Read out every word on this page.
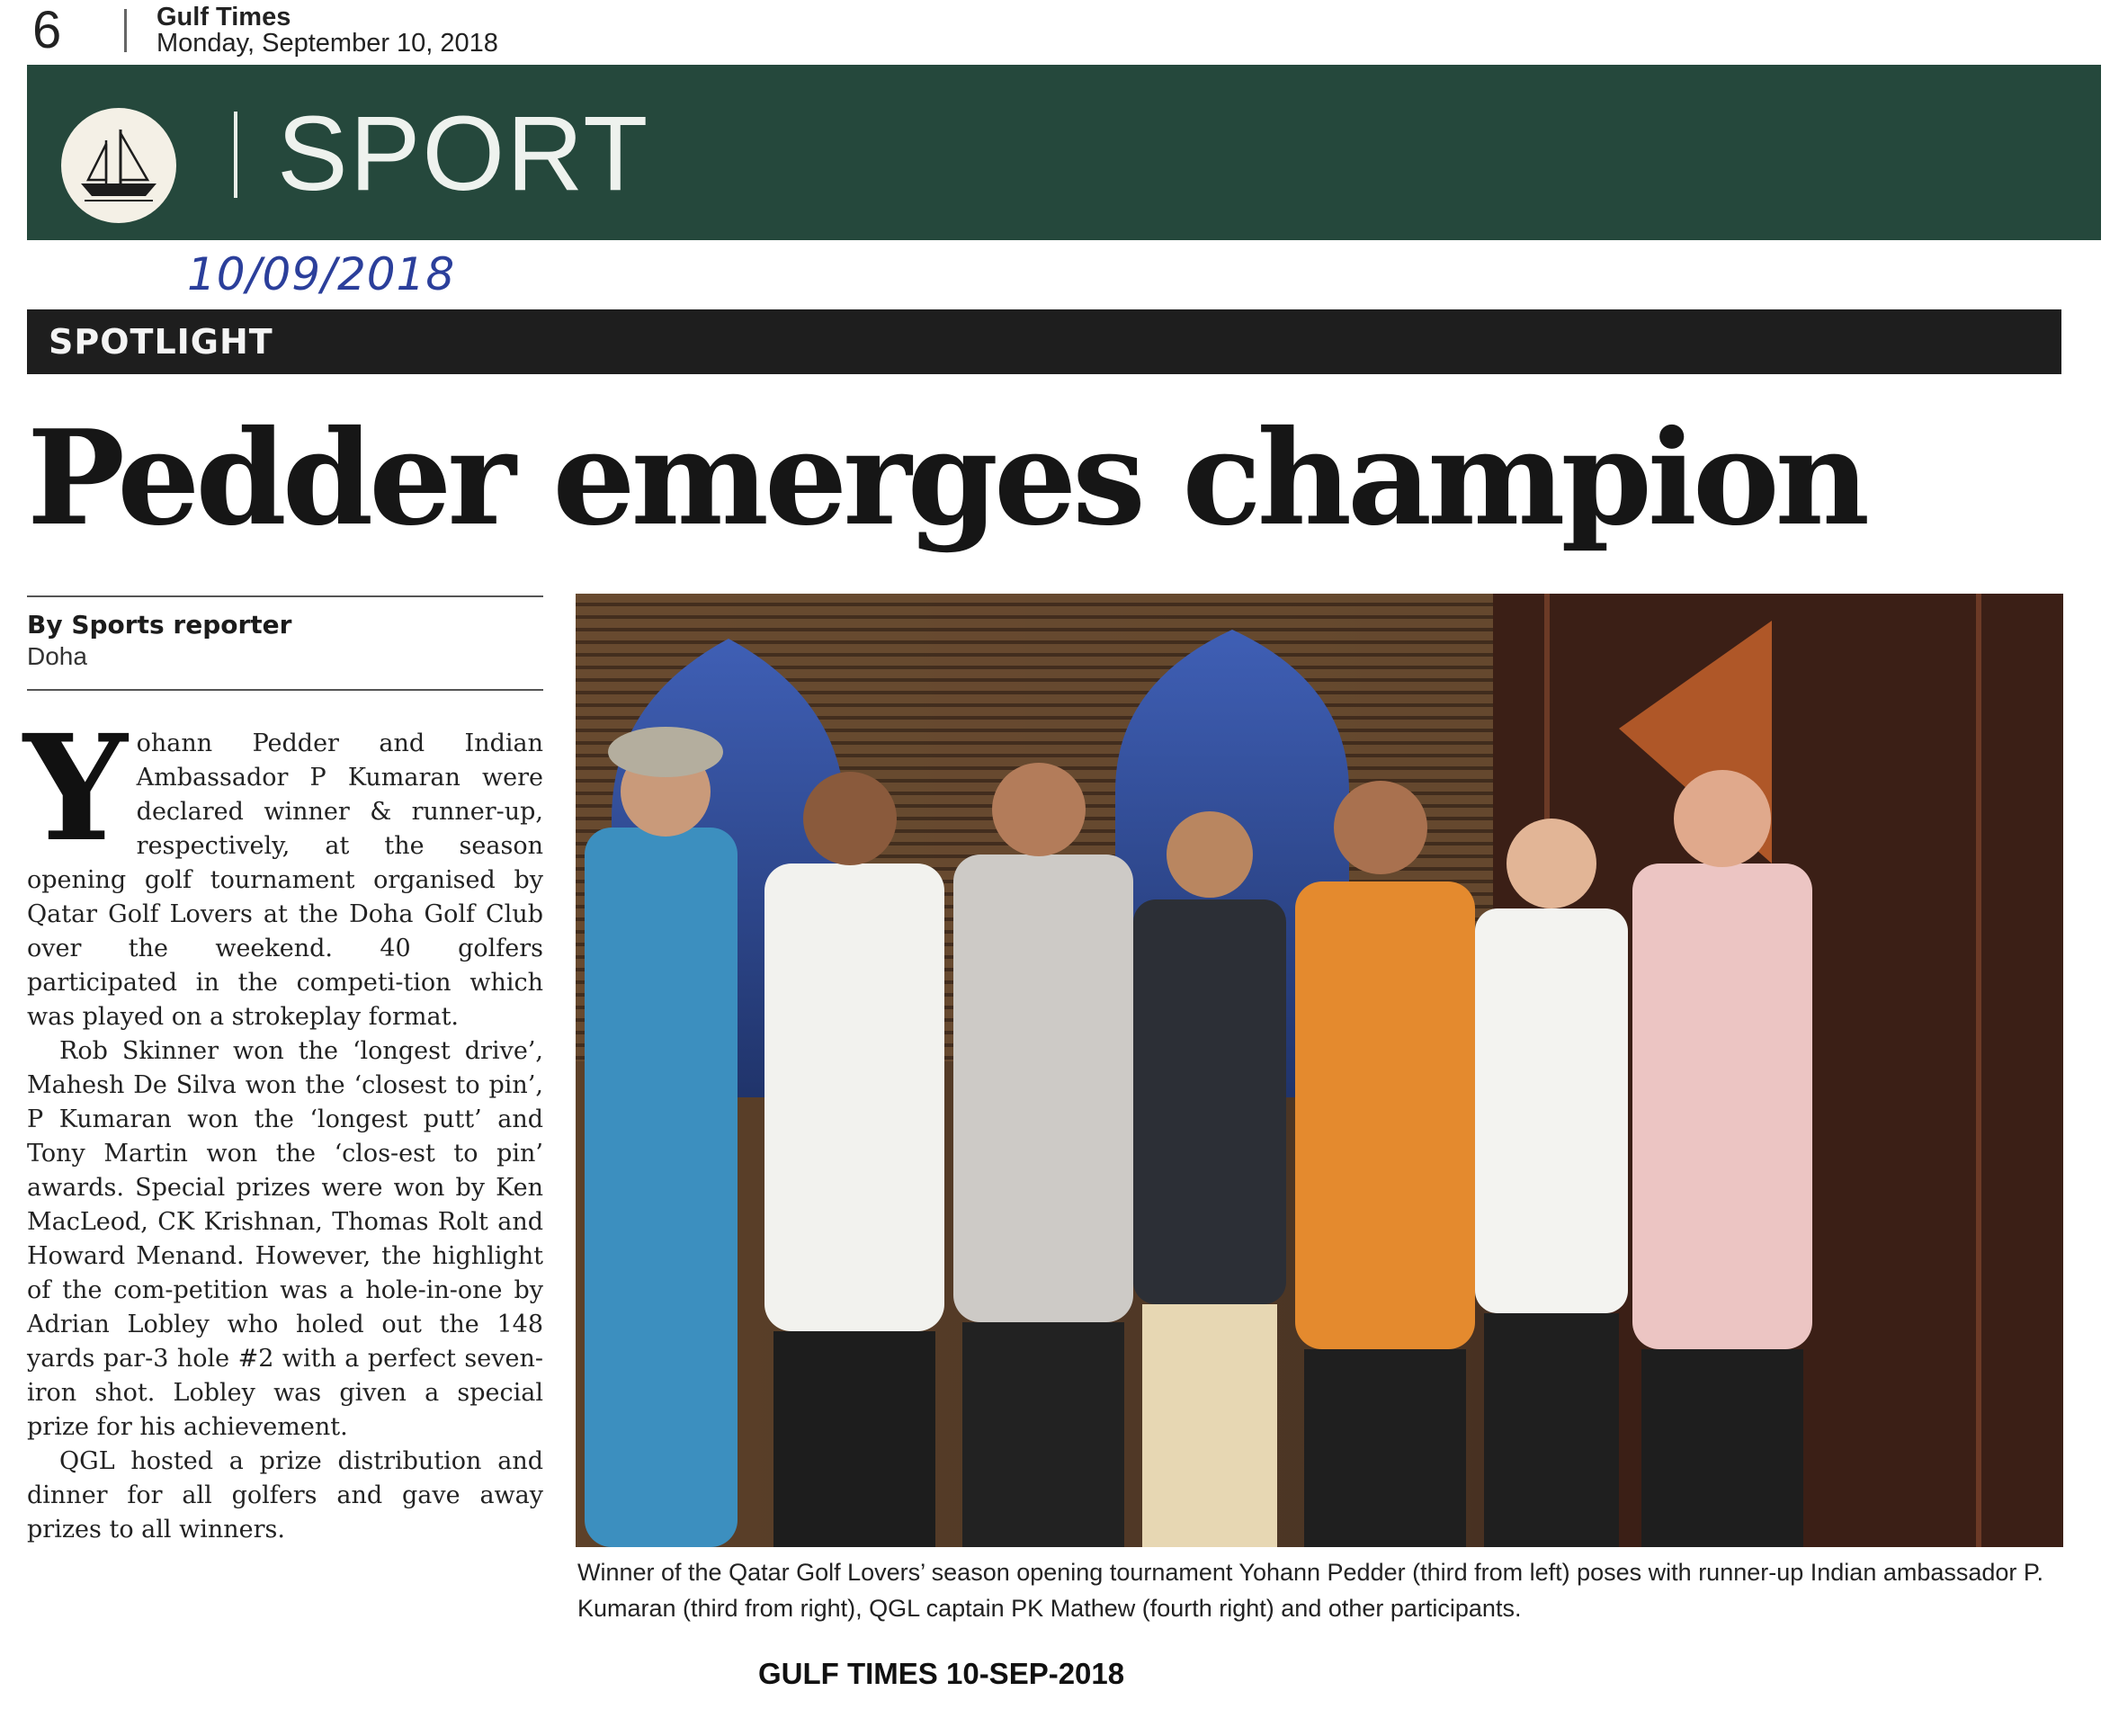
6	Gulf Times
Monday, September 10, 2018
SPORT
10/09/2018
SPOTLIGHT
Pedder emerges champion
By Sports reporter
Doha

Yohann Pedder and Indian Ambassador P Kumaran were declared winner & runner-up, respectively, at the season opening golf tournament organised by Qatar Golf Lovers at the Doha Golf Club over the weekend. 40 golfers participated in the competi-tion which was played on a strokeplay format.

Rob Skinner won the ‘longest drive’, Mahesh De Silva won the ‘closest to pin’, P Kumaran won the ‘longest putt’ and Tony Martin won the ‘clos-est to pin’ awards. Special prizes were won by Ken MacLeod, CK Krishnan, Thomas Rolt and Howard Menand. However, the highlight of the com-petition was a hole-in-one by Adrian Lobley who holed out the 148 yards par-3 hole #2 with a perfect seven-iron shot. Lobley was given a special prize for his achievement.

QGL hosted a prize distribution and dinner for all golfers and gave away prizes to all winners.

Winner of the Qatar Golf Lovers’ season opening tournament Yohann Pedder (third from left) poses with runner-up Indian ambassador P. Kumaran (third from right), QGL captain PK Mathew (fourth right) and other participants.

GULF TIMES 10-SEP-2018
